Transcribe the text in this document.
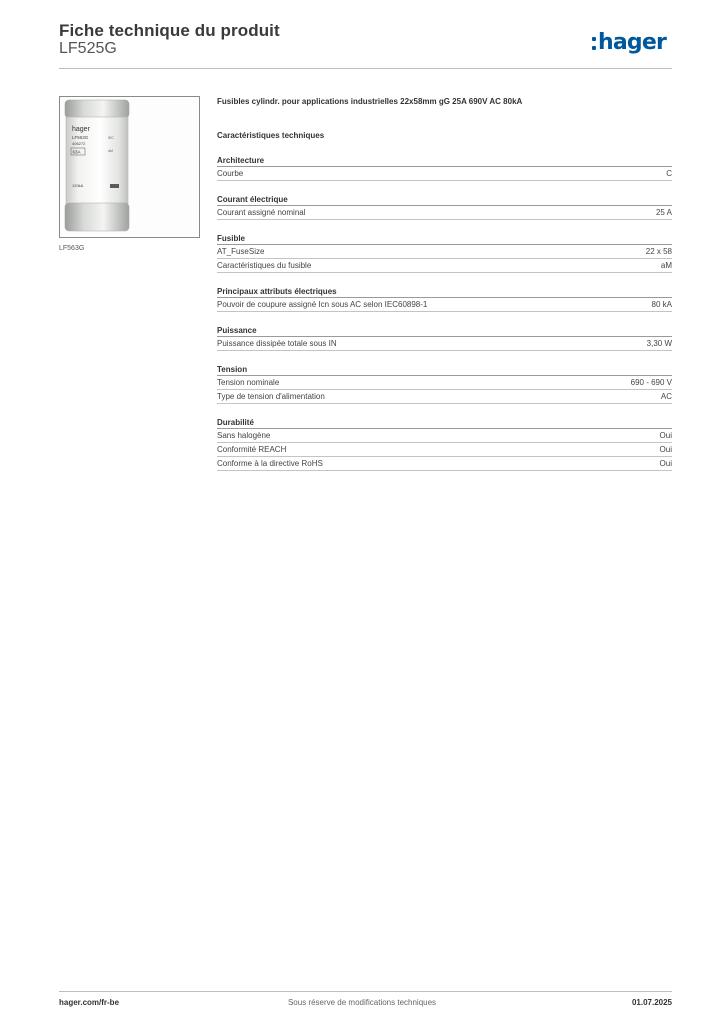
Fiche technique du produit
LF525G	hager
hager
LF563G
406272
63A
IEC
aM
120kA
LF563G
Fusibles cylindr. pour applications industrielles 22x58mm gG 25A 690V AC 80kA
Caractéristiques techniques
Architecture
Courbe	C
Courant électrique
Courant assigné nominal	25 A
Fusible
AT_FuseSize	22 x 58
Caractéristiques du fusible	aM
Principaux attributs électriques
Pouvoir de coupure assigné Icn sous AC selon IEC60898-1	80 kA
Puissance
Puissance dissipée totale sous IN	3,30 W
Tension
Tension nominale	690 - 690 V
Type de tension d'alimentation	AC
Durabilité
Sans halogène	Oui
Conformité REACH	Oui
Conforme à la directive RoHS	Oui
hager.com/fr-be	Sous réserve de modifications techniques	01.07.2025
